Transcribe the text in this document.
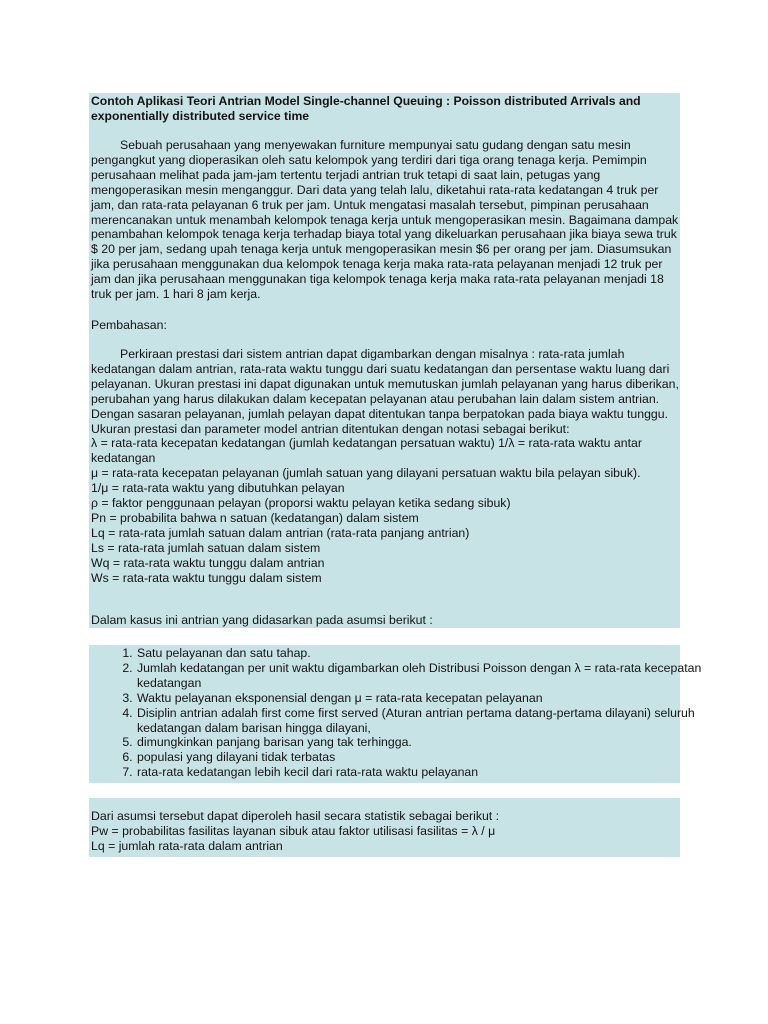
Contoh Aplikasi Teori Antrian Model Single-channel Queuing : Poisson distributed Arrivals and exponentially distributed service time

Sebuah perusahaan yang menyewakan furniture mempunyai satu gudang dengan satu mesin pengangkut yang dioperasikan oleh satu kelompok yang terdiri dari tiga orang tenaga kerja. Pemimpin perusahaan melihat pada jam-jam tertentu terjadi antrian truk tetapi di saat lain, petugas yang mengoperasikan mesin menganggur. Dari data yang telah lalu, diketahui rata-rata kedatangan 4 truk per jam, dan rata-rata pelayanan 6 truk per jam. Untuk mengatasi masalah tersebut, pimpinan perusahaan merencanakan untuk menambah kelompok tenaga kerja untuk mengoperasikan mesin. Bagaimana dampak penambahan kelompok tenaga kerja terhadap biaya total yang dikeluarkan perusahaan jika biaya sewa truk $ 20 per jam, sedang upah tenaga kerja untuk mengoperasikan mesin $6 per orang per jam. Diasumsukan jika perusahaan menggunakan dua kelompok tenaga kerja maka rata-rata pelayanan menjadi 12 truk per jam dan jika perusahaan menggunakan tiga kelompok tenaga kerja maka rata-rata pelayanan menjadi 18 truk per jam. 1 hari 8 jam kerja.

Pembahasan:

Perkiraan prestasi dari sistem antrian dapat digambarkan dengan misalnya : rata-rata jumlah kedatangan dalam antrian, rata-rata waktu tunggu dari suatu kedatangan dan persentase waktu luang dari pelayanan. Ukuran prestasi ini dapat digunakan untuk memutuskan jumlah pelayanan yang harus diberikan, perubahan yang harus dilakukan dalam kecepatan pelayanan atau perubahan lain dalam sistem antrian. Dengan sasaran pelayanan, jumlah pelayan dapat ditentukan tanpa berpatokan pada biaya waktu tunggu. Ukuran prestasi dan parameter model antrian ditentukan dengan notasi sebagai berikut:

λ = rata-rata kecepatan kedatangan (jumlah kedatangan persatuan waktu) 1/λ = rata-rata waktu antar kedatangan

μ = rata-rata kecepatan pelayanan (jumlah satuan yang dilayani persatuan waktu bila pelayan sibuk).

1/μ = rata-rata waktu yang dibutuhkan pelayan

ρ = faktor penggunaan pelayan (proporsi waktu pelayan ketika sedang sibuk)

Pn = probabilita bahwa n satuan (kedatangan) dalam sistem

Lq = rata-rata jumlah satuan dalam antrian (rata-rata panjang antrian)

Ls = rata-rata jumlah satuan dalam sistem

Wq = rata-rata waktu tunggu dalam antrian

Ws = rata-rata waktu tunggu dalam sistem

Dalam kasus ini antrian yang didasarkan pada asumsi berikut :

1. Satu pelayanan dan satu tahap.
2. Jumlah kedatangan per unit waktu digambarkan oleh Distribusi Poisson dengan λ = rata-rata kecepatan kedatangan
3. Waktu pelayanan eksponensial dengan μ = rata-rata kecepatan pelayanan
4. Disiplin antrian adalah first come first served (Aturan antrian pertama datang-pertama dilayani) seluruh kedatangan dalam barisan hingga dilayani,
5. dimungkinkan panjang barisan yang tak terhingga.
6. populasi yang dilayani tidak terbatas
7. rata-rata kedatangan lebih kecil dari rata-rata waktu pelayanan

Dari asumsi tersebut dapat diperoleh hasil secara statistik sebagai berikut :

Pw = probabilitas fasilitas layanan sibuk atau faktor utilisasi fasilitas = λ / μ

Lq = jumlah rata-rata dalam antrian
